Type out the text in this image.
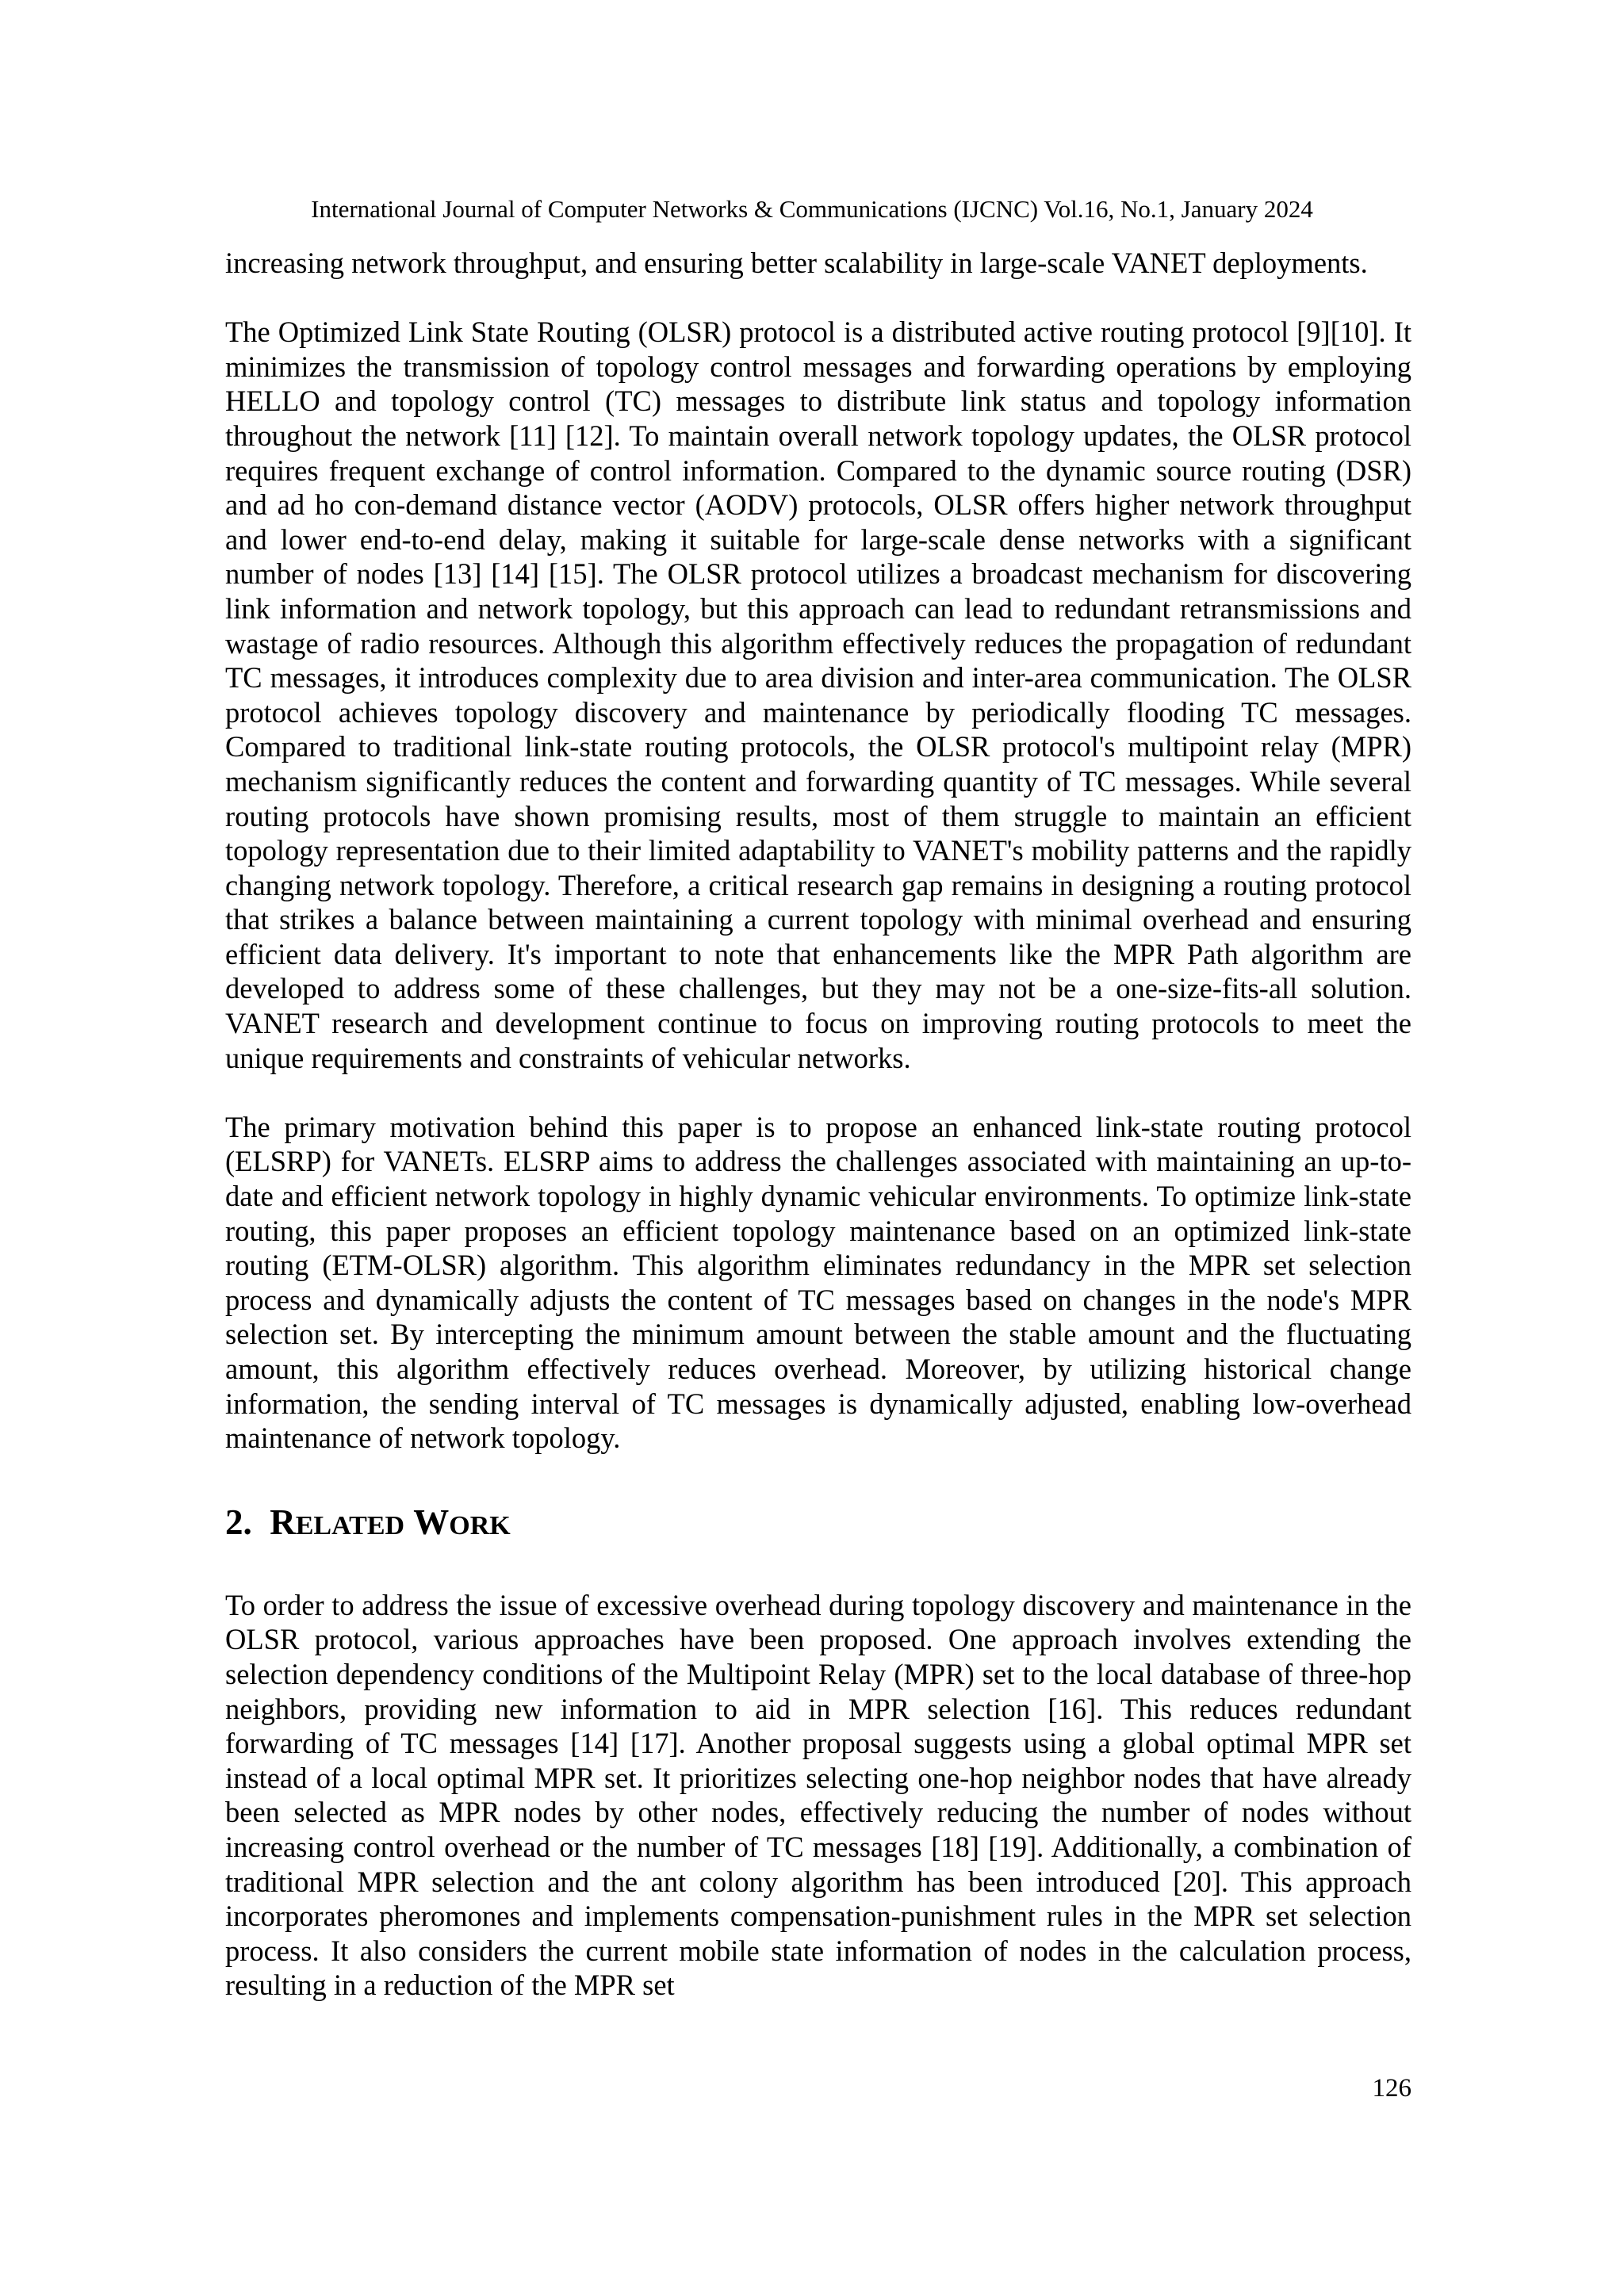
International Journal of Computer Networks & Communications (IJCNC) Vol.16, No.1, January 2024

increasing network throughput, and ensuring better scalability in large-scale VANET deployments.

The Optimized Link State Routing (OLSR) protocol is a distributed active routing protocol [9][10]. It minimizes the transmission of topology control messages and forwarding operations by employing HELLO and topology control (TC) messages to distribute link status and topology information throughout the network [11] [12]. To maintain overall network topology updates, the OLSR protocol requires frequent exchange of control information. Compared to the dynamic source routing (DSR) and ad ho con-demand distance vector (AODV) protocols, OLSR offers higher network throughput and lower end-to-end delay, making it suitable for large-scale dense networks with a significant number of nodes [13] [14] [15]. The OLSR protocol utilizes a broadcast mechanism for discovering link information and network topology, but this approach can lead to redundant retransmissions and wastage of radio resources. Although this algorithm effectively reduces the propagation of redundant TC messages, it introduces complexity due to area division and inter-area communication. The OLSR protocol achieves topology discovery and maintenance by periodically flooding TC messages. Compared to traditional link-state routing protocols, the OLSR protocol's multipoint relay (MPR) mechanism significantly reduces the content and forwarding quantity of TC messages. While several routing protocols have shown promising results, most of them struggle to maintain an efficient topology representation due to their limited adaptability to VANET's mobility patterns and the rapidly changing network topology. Therefore, a critical research gap remains in designing a routing protocol that strikes a balance between maintaining a current topology with minimal overhead and ensuring efficient data delivery. It's important to note that enhancements like the MPR Path algorithm are developed to address some of these challenges, but they may not be a one-size-fits-all solution. VANET research and development continue to focus on improving routing protocols to meet the unique requirements and constraints of vehicular networks.

The primary motivation behind this paper is to propose an enhanced link-state routing protocol (ELSRP) for VANETs. ELSRP aims to address the challenges associated with maintaining an up-to-date and efficient network topology in highly dynamic vehicular environments. To optimize link-state routing, this paper proposes an efficient topology maintenance based on an optimized link-state routing (ETM-OLSR) algorithm. This algorithm eliminates redundancy in the MPR set selection process and dynamically adjusts the content of TC messages based on changes in the node's MPR selection set. By intercepting the minimum amount between the stable amount and the fluctuating amount, this algorithm effectively reduces overhead. Moreover, by utilizing historical change information, the sending interval of TC messages is dynamically adjusted, enabling low-overhead maintenance of network topology.

2. RELATED WORK

To order to address the issue of excessive overhead during topology discovery and maintenance in the OLSR protocol, various approaches have been proposed. One approach involves extending the selection dependency conditions of the Multipoint Relay (MPR) set to the local database of three-hop neighbors, providing new information to aid in MPR selection [16]. This reduces redundant forwarding of TC messages [14] [17]. Another proposal suggests using a global optimal MPR set instead of a local optimal MPR set. It prioritizes selecting one-hop neighbor nodes that have already been selected as MPR nodes by other nodes, effectively reducing the number of nodes without increasing control overhead or the number of TC messages [18] [19]. Additionally, a combination of traditional MPR selection and the ant colony algorithm has been introduced [20]. This approach incorporates pheromones and implements compensation-punishment rules in the MPR set selection process. It also considers the current mobile state information of nodes in the calculation process, resulting in a reduction of the MPR set

126
